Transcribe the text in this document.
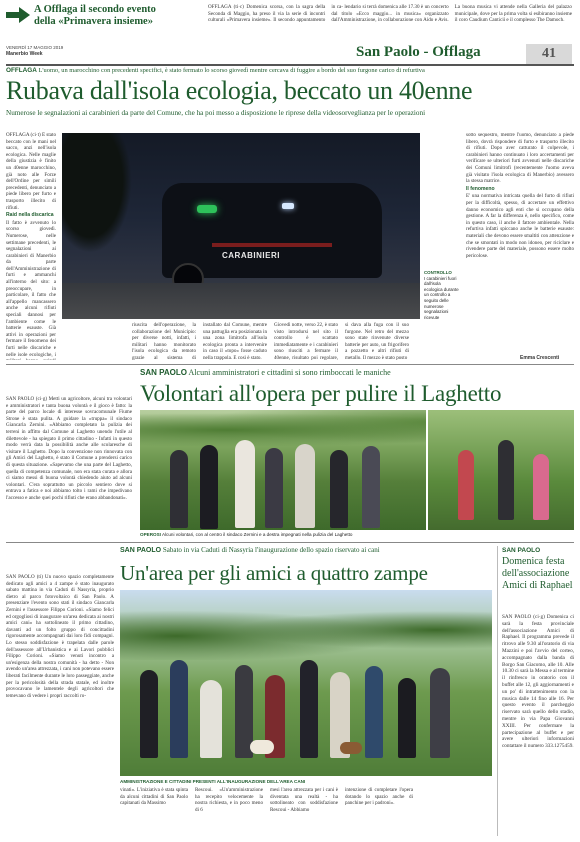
A Offlaga il secondo evento
della «Primavera insieme»
OFFLAGA (ti·c) Domenica scorsa, con la sagra della Seconda di Maggio, ha preso il via la serie di incontri culturali «Primavera insieme». Il secondo appuntamento in ca- lendario si terrà domenica alle 17.30 è un concerto dal titolo «Ecco maggio... in musica» organizzato dall'Amministrazione, in collaborazione con Aido e Avis. La buona musica vi attende nella Galleria del palazzo municipale, dove per la prima volta si esibiranno insieme il coro Caudium Canticii e il complesso The Damoch.
VENERDÌ 17 MAGGIO 2019
Manerbio Week	San Paolo - Offlaga	41
OFFLAGA L'uomo, un marocchino con precedenti specifici, è stato fermato lo scorso giovedì mentre cercava di fuggire a bordo del suo furgone carico di refurtiva
Rubava dall'isola ecologia, beccato un 40enne
Numerose le segnalazioni ai carabinieri da parte del Comune, che ha poi messo a disposizione le riprese della videosorveglianza per le operazioni

OFFLAGA (ci·t) È stato beccato con le mani nel sacco, anzi nell'isola ecologica. Nelle maglie della giustizia è finito un 40enne marocchino, già noto alle Forze dell'Ordine per simili precedenti, denunciato a piede libero per furto e trasporto illecito di rifiuti.

Raid nella discarica

Il fatto è avvenuto lo scorso giovedì. Numerose, nelle settimane precedenti, le segnalazioni ai carabinieri di Manerbio da parte dell'Amministrazione di furti e ammanchi all'interno del sito: a preoccupare, in particolare, il fatto che all'appello mancassero anche alcuni rifiuti speciali dannosi per l'ambiente come le batterie esauste. Già attivi in operazioni per fermare il fenomeno dei furti nelle discariche e nelle isole ecologiche, i

CARABINIERI
CONTROLLO
I carabinieri fuori dall'isola ecologica durante un controllo a seguito delle numerose segnalazioni ricevute
riuscita dell'operazione, la collaborazione del Municipio: per diverse notti, infatti, i militari hanno monitorato l'isola ecologica da remoto grazie al sistema di
installato dal Comune, mentre una pattuglia era posizionata in una zona limitrofa all'isola ecologica pronta a intervenire in caso il «topo» fosse caduto nella trappola. E così è stato.
Giovedì notte, verso 22, è stato visto introdursi nel sito il controllo è scattato immediatamente e i carabinieri sono riusciti a fermare il 40enne, risultato poi regolare,
si dava alla fuga con il suo furgone. Nel retro del mezzo sono state rinvenute diverse batterie per auto, un frigorifero a pozzetto e altri rifiuti di metallo. Il mezzo è stato posto

sotto sequestro, mentre l'uomo, denunciato a piede libero, dovrà rispondere di furto e trasporto illecito di rifiuti. Dopo aver catturato il colpevole, i carabinieri hanno continuato i loro accertamenti per verificare se ulteriori furti avvenuti nelle discariche dei Comuni limitrofi (recentemente l'uomo aveva già visitato l'isola ecologica di Manerbio) avessero la stessa matrice.

Il fenomeno

E' una normativa intricata quella del furto di rifiuti per la difficoltà, spesso, di accertare un effettivo danno economico agli enti che si occupano della gestione. A far la differenza è, nello specifico, come in questo caso, il anche il fattore ambientale. Nella refurtiva infatti spiccano anche le batterie esauste: materiali che devono essere smaltiti con attenzione e che se smontati in modo non idoneo, per riciclare e rivendere parte del materiale, possono essere molto pericolose.

Emma Crescenti
SAN PAOLO Alcuni amministratori e cittadini si sono rimboccati le maniche
Volontari all'opera per pulire il Laghetto
SAN PAOLO (ci·g) Metti un agricoltore, alcuni tra volontari e amministratori e tanta buona volontà e il gioco è fatto: la parte del parco locale di interesse sovracomunale Fiume Strone è stata pulita. A guidare la «truppa» il sindaco Giancarla Zernini. «Abbiamo completato la pulizia dei terreni in affitto dal Comune al Laghetto unendo l'utile al dilettevole - ha spiegato il primo cittadino - Infatti in questo modo verrà data la possibilità anche alle scolaresche di visitare il Laghetto. Dopo la convenzione non rinnovata con gli Amici del Laghetto, è stato il Comune a prendersi carico di questa situazione. «Sapevamo che una parte del Laghetto, quella di competenza comunale, non era stata curata e allora ci siamo messi di buona volontà chiedendo aiuto ad alcuni volontari. C'era soprattutto un piccolo sentiero dove si entrava a fatica e noi abbiamo tolto i rami che impedivano l'accesso e anche quei pochi rifiuti che erano abbandonati».
OPEROSI Alcuni volontari, con al centro il sindaco Zernini e a destra impegnati nella pulizia del Laghetto
SAN PAOLO Sabato in via Caduti di Nassyria l'inaugurazione dello spazio riservato ai cani
Un'area per gli amici a quattro zampe
SAN PAOLO (ti) Un nuovo spazio completamente dedicato agli amici a 4 zampe è stato inaugurato sabato mattina in via Caduti di Nassyria, proprio dietro al parco fotovoltaico di San Paolo. A presenziare l'evento sono stati il sindaco Giancarla Zernini e l'assessore Filippo Corioni. «Siamo felici ed orgogliosi di inaugurare un'area dedicata ai nostri amici cani» ha sottolineato il primo cittadino, davanti ad un folto gruppo di concittadini rigorosamente accompagnati dai loro fidi compagni. Lo stesso soddisfazione è trapelata dalle parole dell'assessore all'Urbanistica e ai Lavori pubblici Filippo Corioni. «Siamo venuti incontro a un'esigenza della nostra comunità - ha detto - Non avendo un'area attrezzata, i cani non potevano essere liberati facilmente durante le loro passeggiate, anche per la pericolosità della strada statale, ed inoltre provocavano le lamentele degli agricoltori che temevano di vedere i propri raccolti ro-
AMMINISTRAZIONE E CITTADINI PRESENTI ALL'INAUGURAZIONE DELL'AREA CANI
vinati». L'iniziativa è stata spinta da alcuni cittadini di San Paolo capitanati da Massimo
Rescoui. «Un'amministrazione ha recepito velocemente la nostra richiesta, e in poco meno di 6
mesi l'area attrezzata per i cani è diventata una realtà - ha sottolineato con soddisfazione Rescoui - Abbiamo
intenzione di completare l'opera dotando lo spazio anche di panchine per i padroni».
SAN PAOLO
Domenica festa dell'associazione Amici di Raphael
SAN PAOLO (ci·g) Domenica ci sarà la festa provinciale dell'associazione Amici di Raphael. Il programma prevede il ritrovo alle 9.30 all'oratorio di via Mazzini e poi l'avvio del corteo, accompagnato dalla banda di Borgo San Giacomo, alle 10. Alle 10.30 ci sarà la Messa e al termine il rinfresco in oratorio con il buffet alle 12, gli aggiornamenti e un po' di intrattenimento con la musica dalle 14 fino alle 16. Per questo evento il parcheggio riservato sarà quello dello stadio, mentre in via Papa Giovanni XXIII. Per confermare la partecipazione al buffet e per avere ulteriori informazioni contattare il numero 333.1275459.
